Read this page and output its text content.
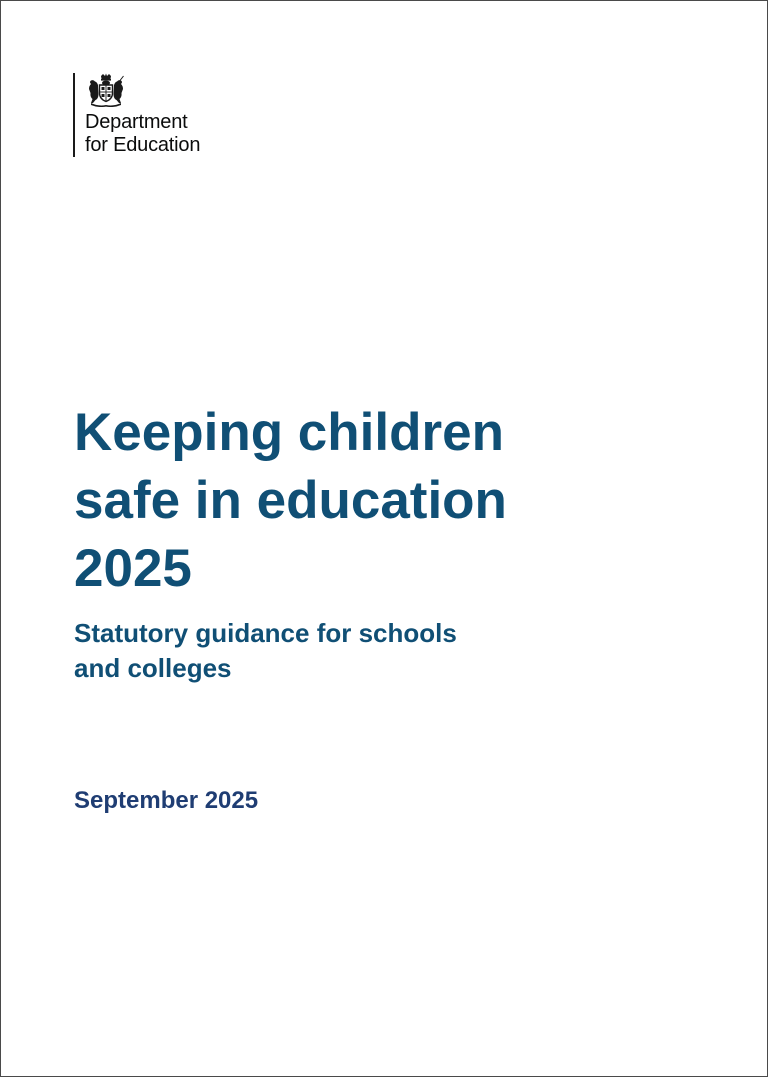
Department
for Education
Keeping children
safe in education
2025
Statutory guidance for schools
and colleges
September 2025
